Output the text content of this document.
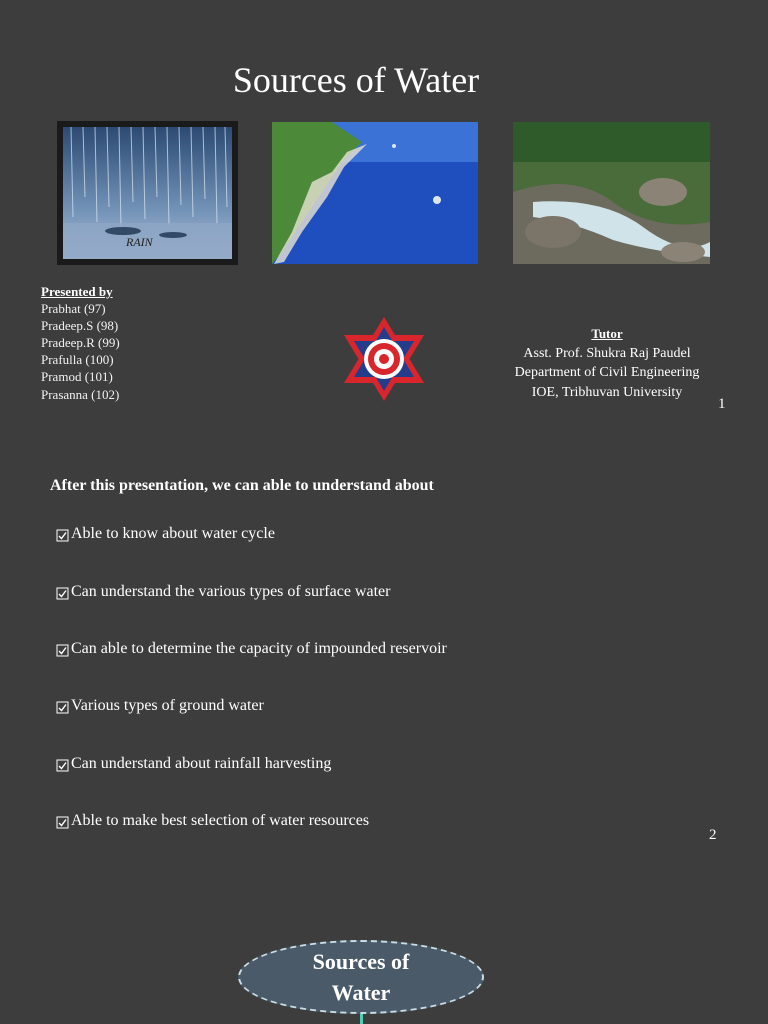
Sources of Water
RAIN
Presented by
Prabhat (97)
Pradeep.S (98)
Pradeep.R (99)
Prafulla (100)
Pramod (101)
Prasanna (102)
Tutor
Asst. Prof. Shukra Raj Paudel
Department of Civil Engineering
IOE, Tribhuvan University
1
After this presentation, we can able to understand about
Able to know about water cycle
Can understand the various types of surface water
Can able to determine the capacity of impounded reservoir
Various types of ground water
Can understand about rainfall harvesting
Able to make best selection of water resources
2
Sources of Water
